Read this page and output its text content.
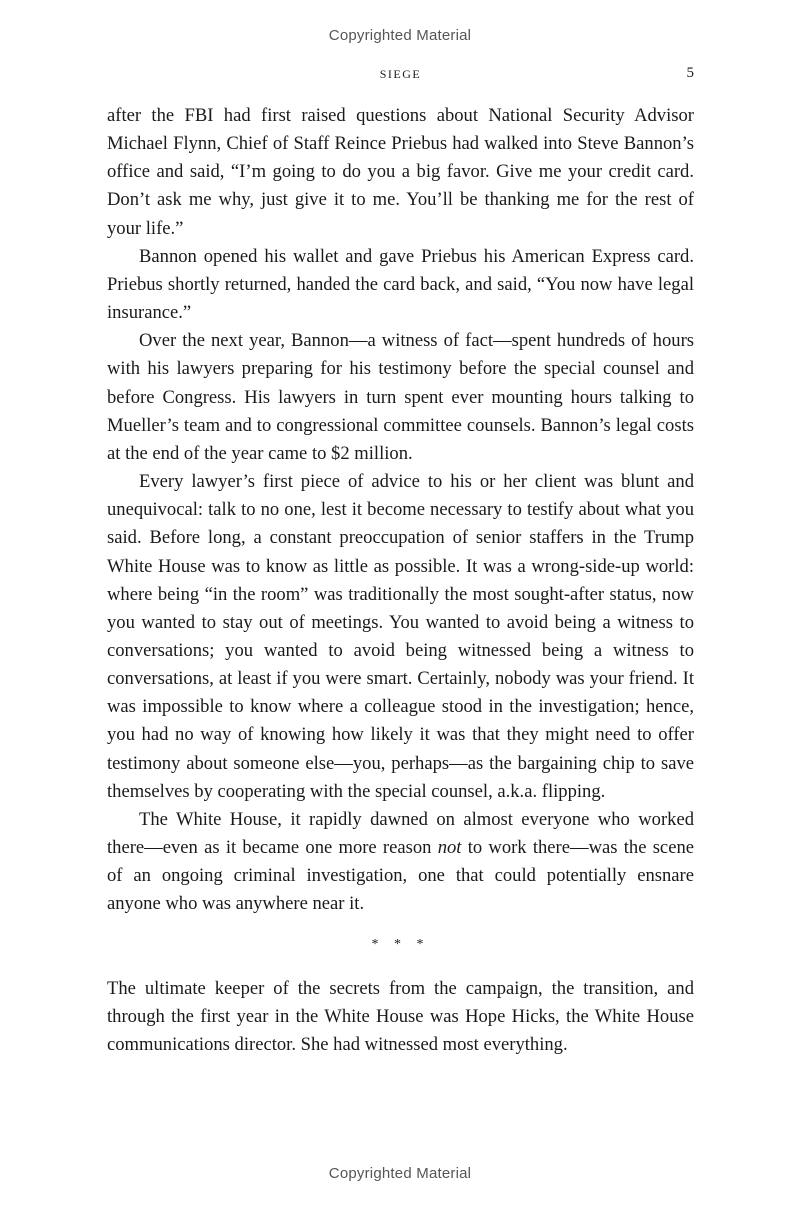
Copyrighted Material
SIEGE	5

after the FBI had first raised questions about National Security Advisor Michael Flynn, Chief of Staff Reince Priebus had walked into Steve Bannon’s office and said, “I’m going to do you a big favor. Give me your credit card. Don’t ask me why, just give it to me. You’ll be thanking me for the rest of your life.”

Bannon opened his wallet and gave Priebus his American Express card. Priebus shortly returned, handed the card back, and said, “You now have legal insurance.”

Over the next year, Bannon—a witness of fact—spent hundreds of hours with his lawyers preparing for his testimony before the special counsel and before Congress. His lawyers in turn spent ever mounting hours talking to Mueller’s team and to congressional committee counsels. Bannon’s legal costs at the end of the year came to $2 million.

Every lawyer’s first piece of advice to his or her client was blunt and unequivocal: talk to no one, lest it become necessary to testify about what you said. Before long, a constant preoccupation of senior staffers in the Trump White House was to know as little as possible. It was a wrong-side-up world: where being “in the room” was traditionally the most sought-after status, now you wanted to stay out of meetings. You wanted to avoid being a witness to conversations; you wanted to avoid being witnessed being a witness to conversations, at least if you were smart. Certainly, nobody was your friend. It was impossible to know where a colleague stood in the investigation; hence, you had no way of knowing how likely it was that they might need to offer testimony about someone else—you, perhaps—as the bargaining chip to save themselves by cooperating with the special counsel, a.k.a. flipping.

The White House, it rapidly dawned on almost everyone who worked there—even as it became one more reason not to work there—was the scene of an ongoing criminal investigation, one that could potentially ensnare anyone who was anywhere near it.

* * *

The ultimate keeper of the secrets from the campaign, the transition, and through the first year in the White House was Hope Hicks, the White House communications director. She had witnessed most everything.

Copyrighted Material
